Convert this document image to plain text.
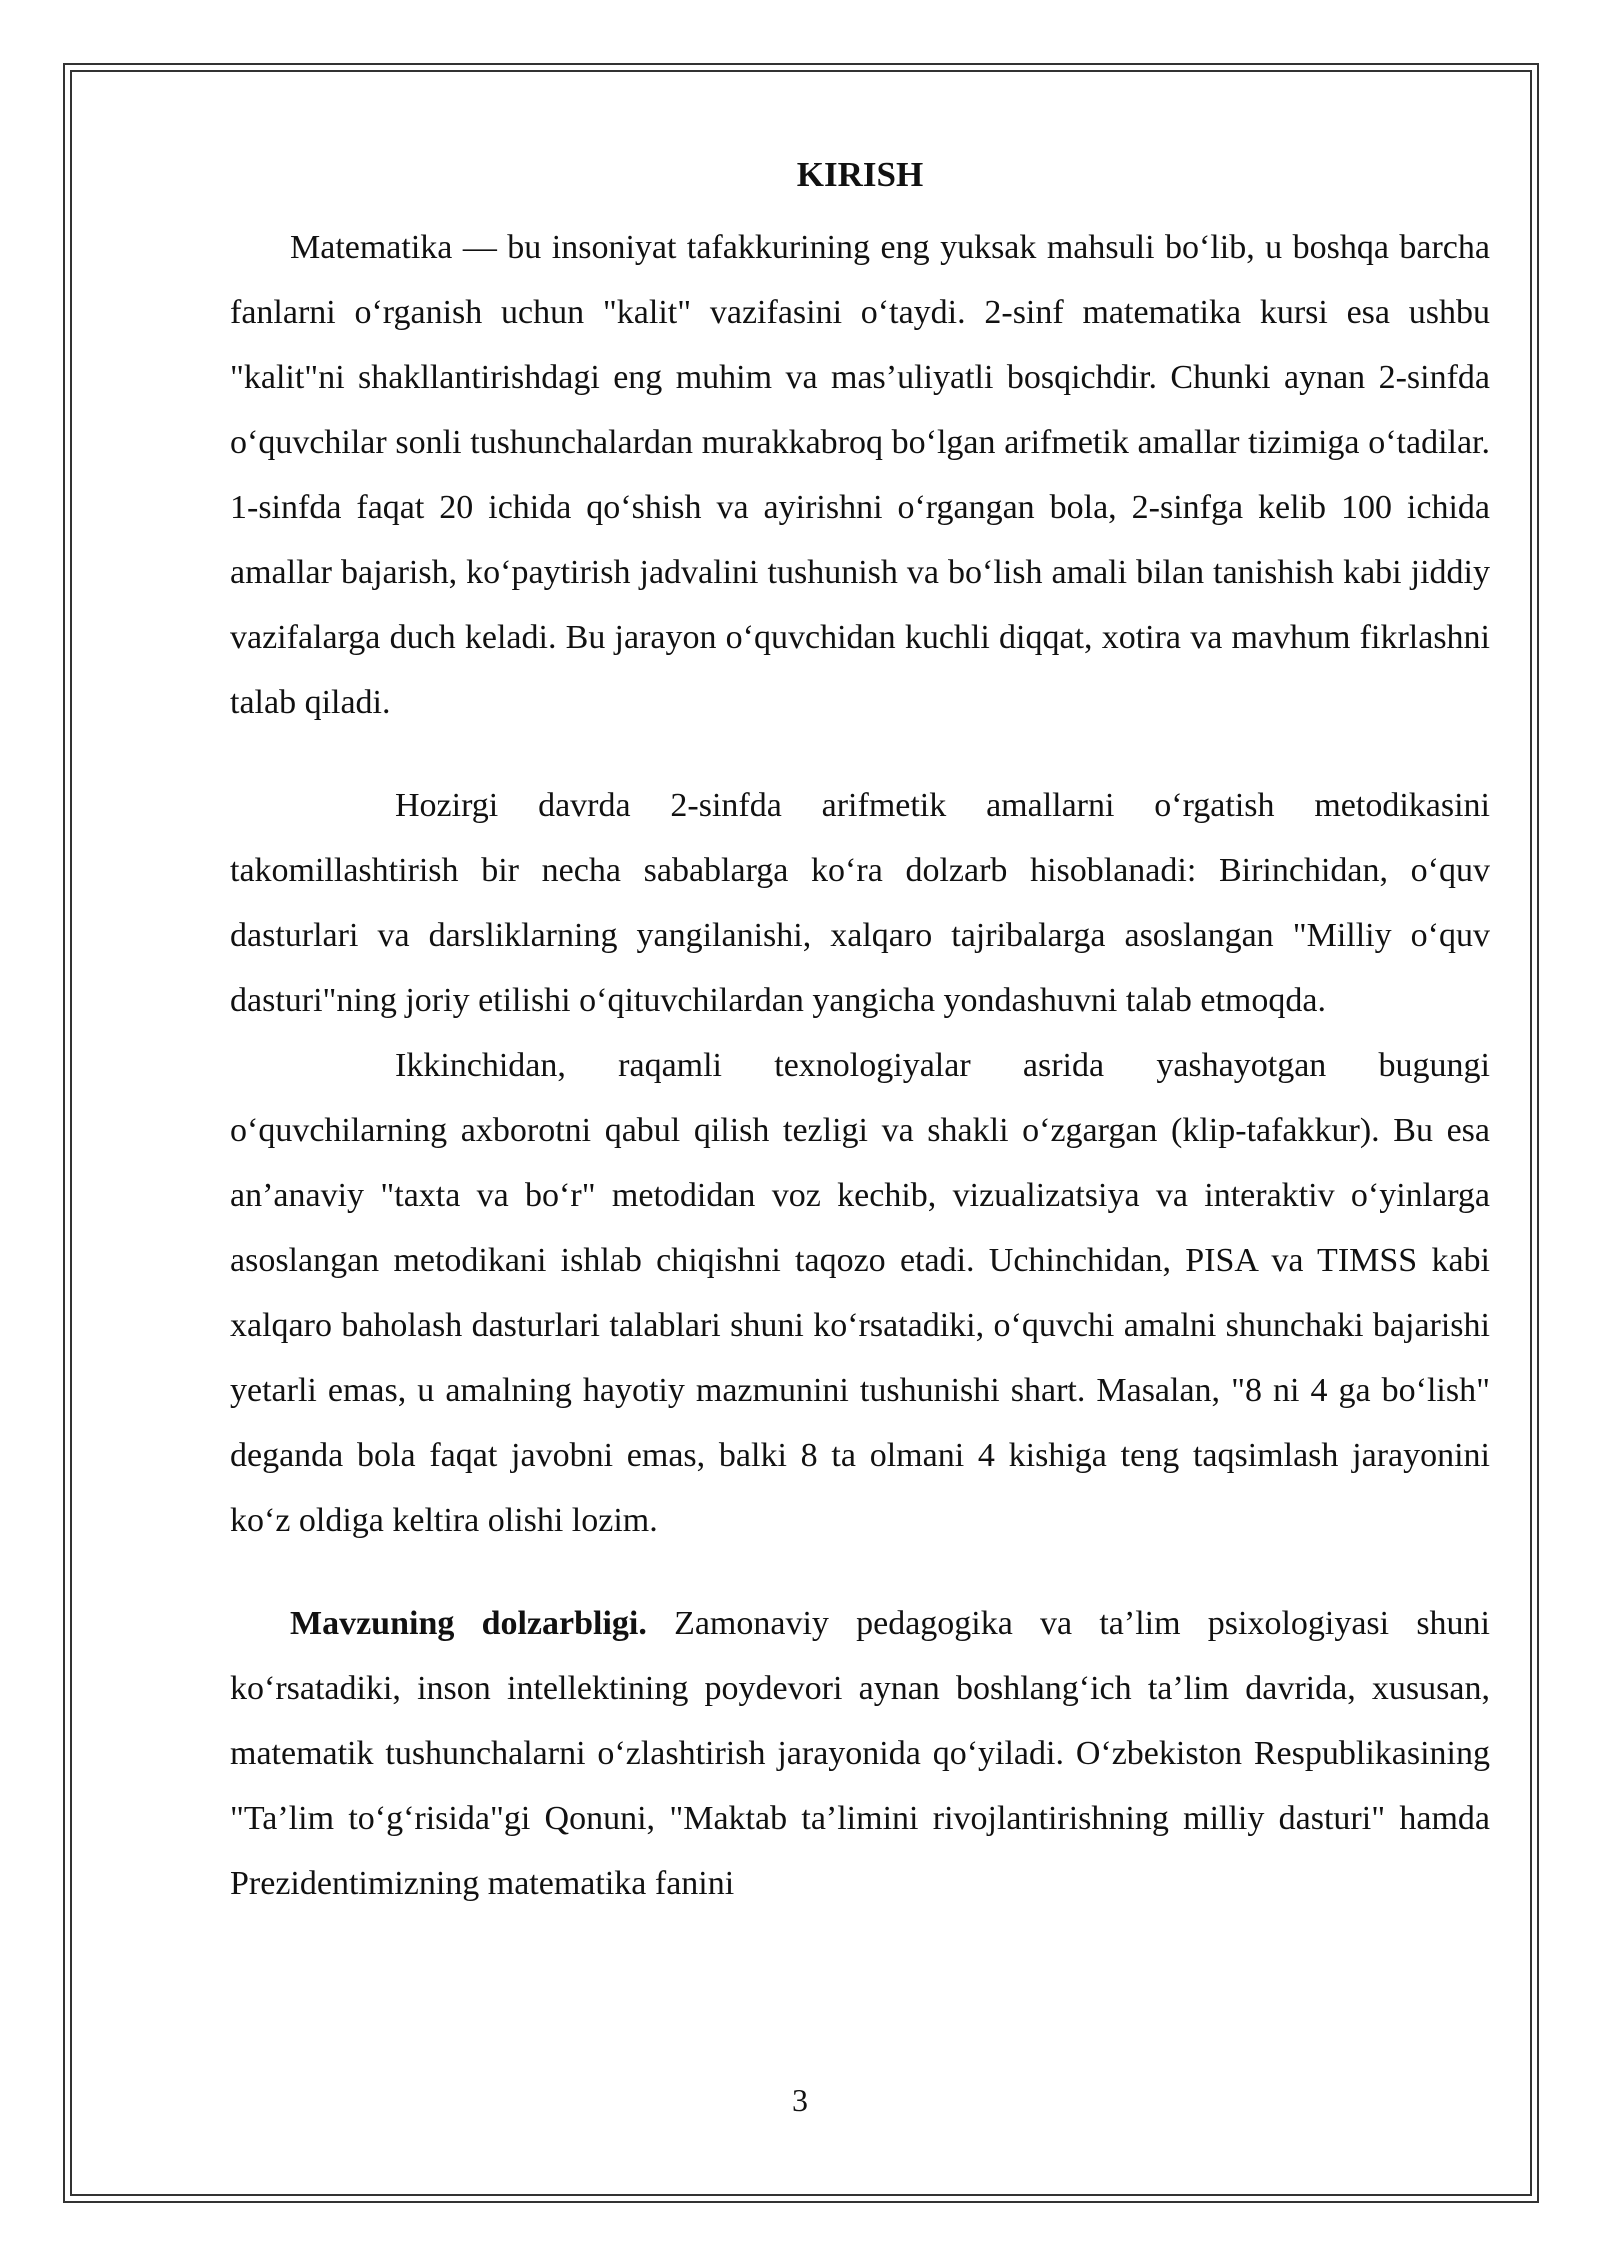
KIRISH

Matematika — bu insoniyat tafakkurining eng yuksak mahsuli bo‘lib, u boshqa barcha fanlarni o‘rganish uchun "kalit" vazifasini o‘taydi. 2-sinf matematika kursi esa ushbu "kalit"ni shakllantirishdagi eng muhim va mas’uliyatli bosqichdir. Chunki aynan 2-sinfda o‘quvchilar sonli tushunchalardan murakkabroq bo‘lgan arifmetik amallar tizimiga o‘tadilar. 1-sinfda faqat 20 ichida qo‘shish va ayirishni o‘rgangan bola, 2-sinfga kelib 100 ichida amallar bajarish, ko‘paytirish jadvalini tushunish va bo‘lish amali bilan tanishish kabi jiddiy vazifalarga duch keladi. Bu jarayon o‘quvchidan kuchli diqqat, xotira va mavhum fikrlashni talab qiladi.

Hozirgi davrda 2-sinfda arifmetik amallarni o‘rgatish metodikasini takomillashtirish bir necha sabablarga ko‘ra dolzarb hisoblanadi: Birinchidan, o‘quv dasturlari va darsliklarning yangilanishi, xalqaro tajribalarga asoslangan "Milliy o‘quv dasturi"ning joriy etilishi o‘qituvchilardan yangicha yondashuvni talab etmoqda.

Ikkinchidan, raqamli texnologiyalar asrida yashayotgan bugungi o‘quvchilarning axborotni qabul qilish tezligi va shakli o‘zgargan (klip-tafakkur). Bu esa an’anaviy "taxta va bo‘r" metodidan voz kechib, vizualizatsiya va interaktiv o‘yinlarga asoslangan metodikani ishlab chiqishni taqozo etadi. Uchinchidan, PISA va TIMSS kabi xalqaro baholash dasturlari talablari shuni ko‘rsatadiki, o‘quvchi amalni shunchaki bajarishi yetarli emas, u amalning hayotiy mazmunini tushunishi shart. Masalan, "8 ni 4 ga bo‘lish" deganda bola faqat javobni emas, balki 8 ta olmani 4 kishiga teng taqsimlash jarayonini ko‘z oldiga keltira olishi lozim.

Mavzuning dolzarbligi. Zamonaviy pedagogika va ta’lim psixologiyasi shuni ko‘rsatadiki, inson intellektining poydevori aynan boshlang‘ich ta’lim davrida, xususan, matematik tushunchalarni o‘zlashtirish jarayonida qo‘yiladi. O‘zbekiston Respublikasining "Ta’lim to‘g‘risida"gi Qonuni, "Maktab ta’limini rivojlantirishning milliy dasturi" hamda Prezidentimizning matematika fanini

3
